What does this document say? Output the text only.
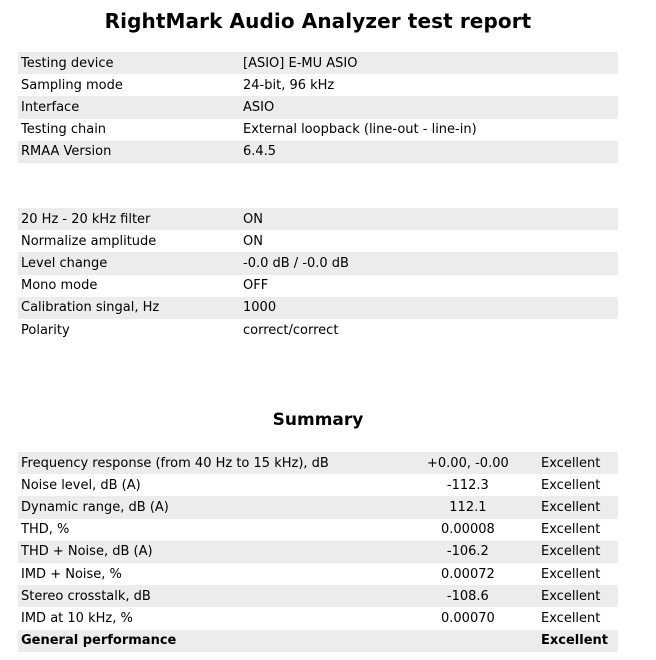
RightMark Audio Analyzer test report
Testing device	[ASIO] E-MU ASIO
Sampling mode	24-bit, 96 kHz
Interface	ASIO
Testing chain	External loopback (line-out - line-in)
RMAA Version	6.4.5
20 Hz - 20 kHz filter	ON
Normalize amplitude	ON
Level change	-0.0 dB / -0.0 dB
Mono mode	OFF
Calibration singal, Hz	1000
Polarity	correct/correct
Summary
Frequency response (from 40 Hz to 15 kHz), dB	+0.00, -0.00	Excellent
Noise level, dB (A)	-112.3	Excellent
Dynamic range, dB (A)	112.1	Excellent
THD, %	0.00008	Excellent
THD + Noise, dB (A)	-106.2	Excellent
IMD + Noise, %	0.00072	Excellent
Stereo crosstalk, dB	-108.6	Excellent
IMD at 10 kHz, %	0.00070	Excellent
General performance		Excellent
